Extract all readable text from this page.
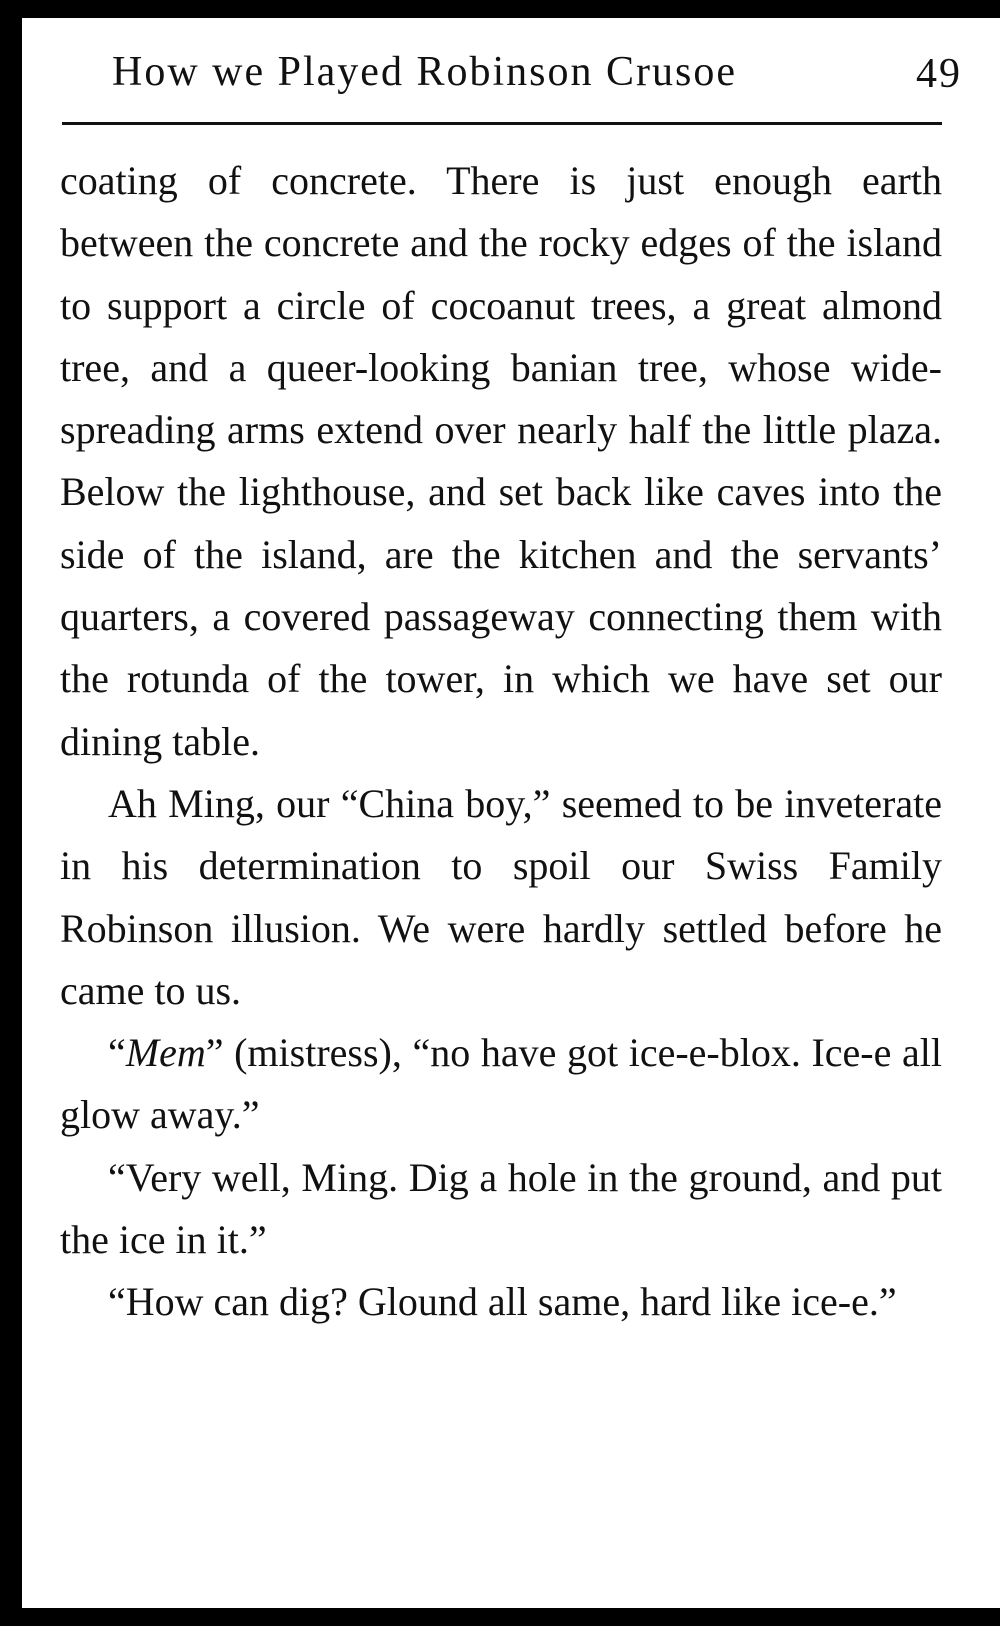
How we Played Robinson Crusoe	49

coating of concrete. There is just enough earth between the concrete and the rocky edges of the island to support a circle of cocoanut trees, a great almond tree, and a queer-looking banian tree, whose wide-spreading arms extend over nearly half the little plaza. Below the lighthouse, and set back like caves into the side of the island, are the kitchen and the servants’ quarters, a covered passageway connecting them with the rotunda of the tower, in which we have set our dining table.

Ah Ming, our “China boy,” seemed to be inveterate in his determination to spoil our Swiss Family Robinson illusion. We were hardly settled before he came to us.

“Mem” (mistress), “no have got ice-e-blox. Ice-e all glow away.”

“Very well, Ming. Dig a hole in the ground, and put the ice in it.”

“How can dig? Glound all same, hard like ice-e.”
